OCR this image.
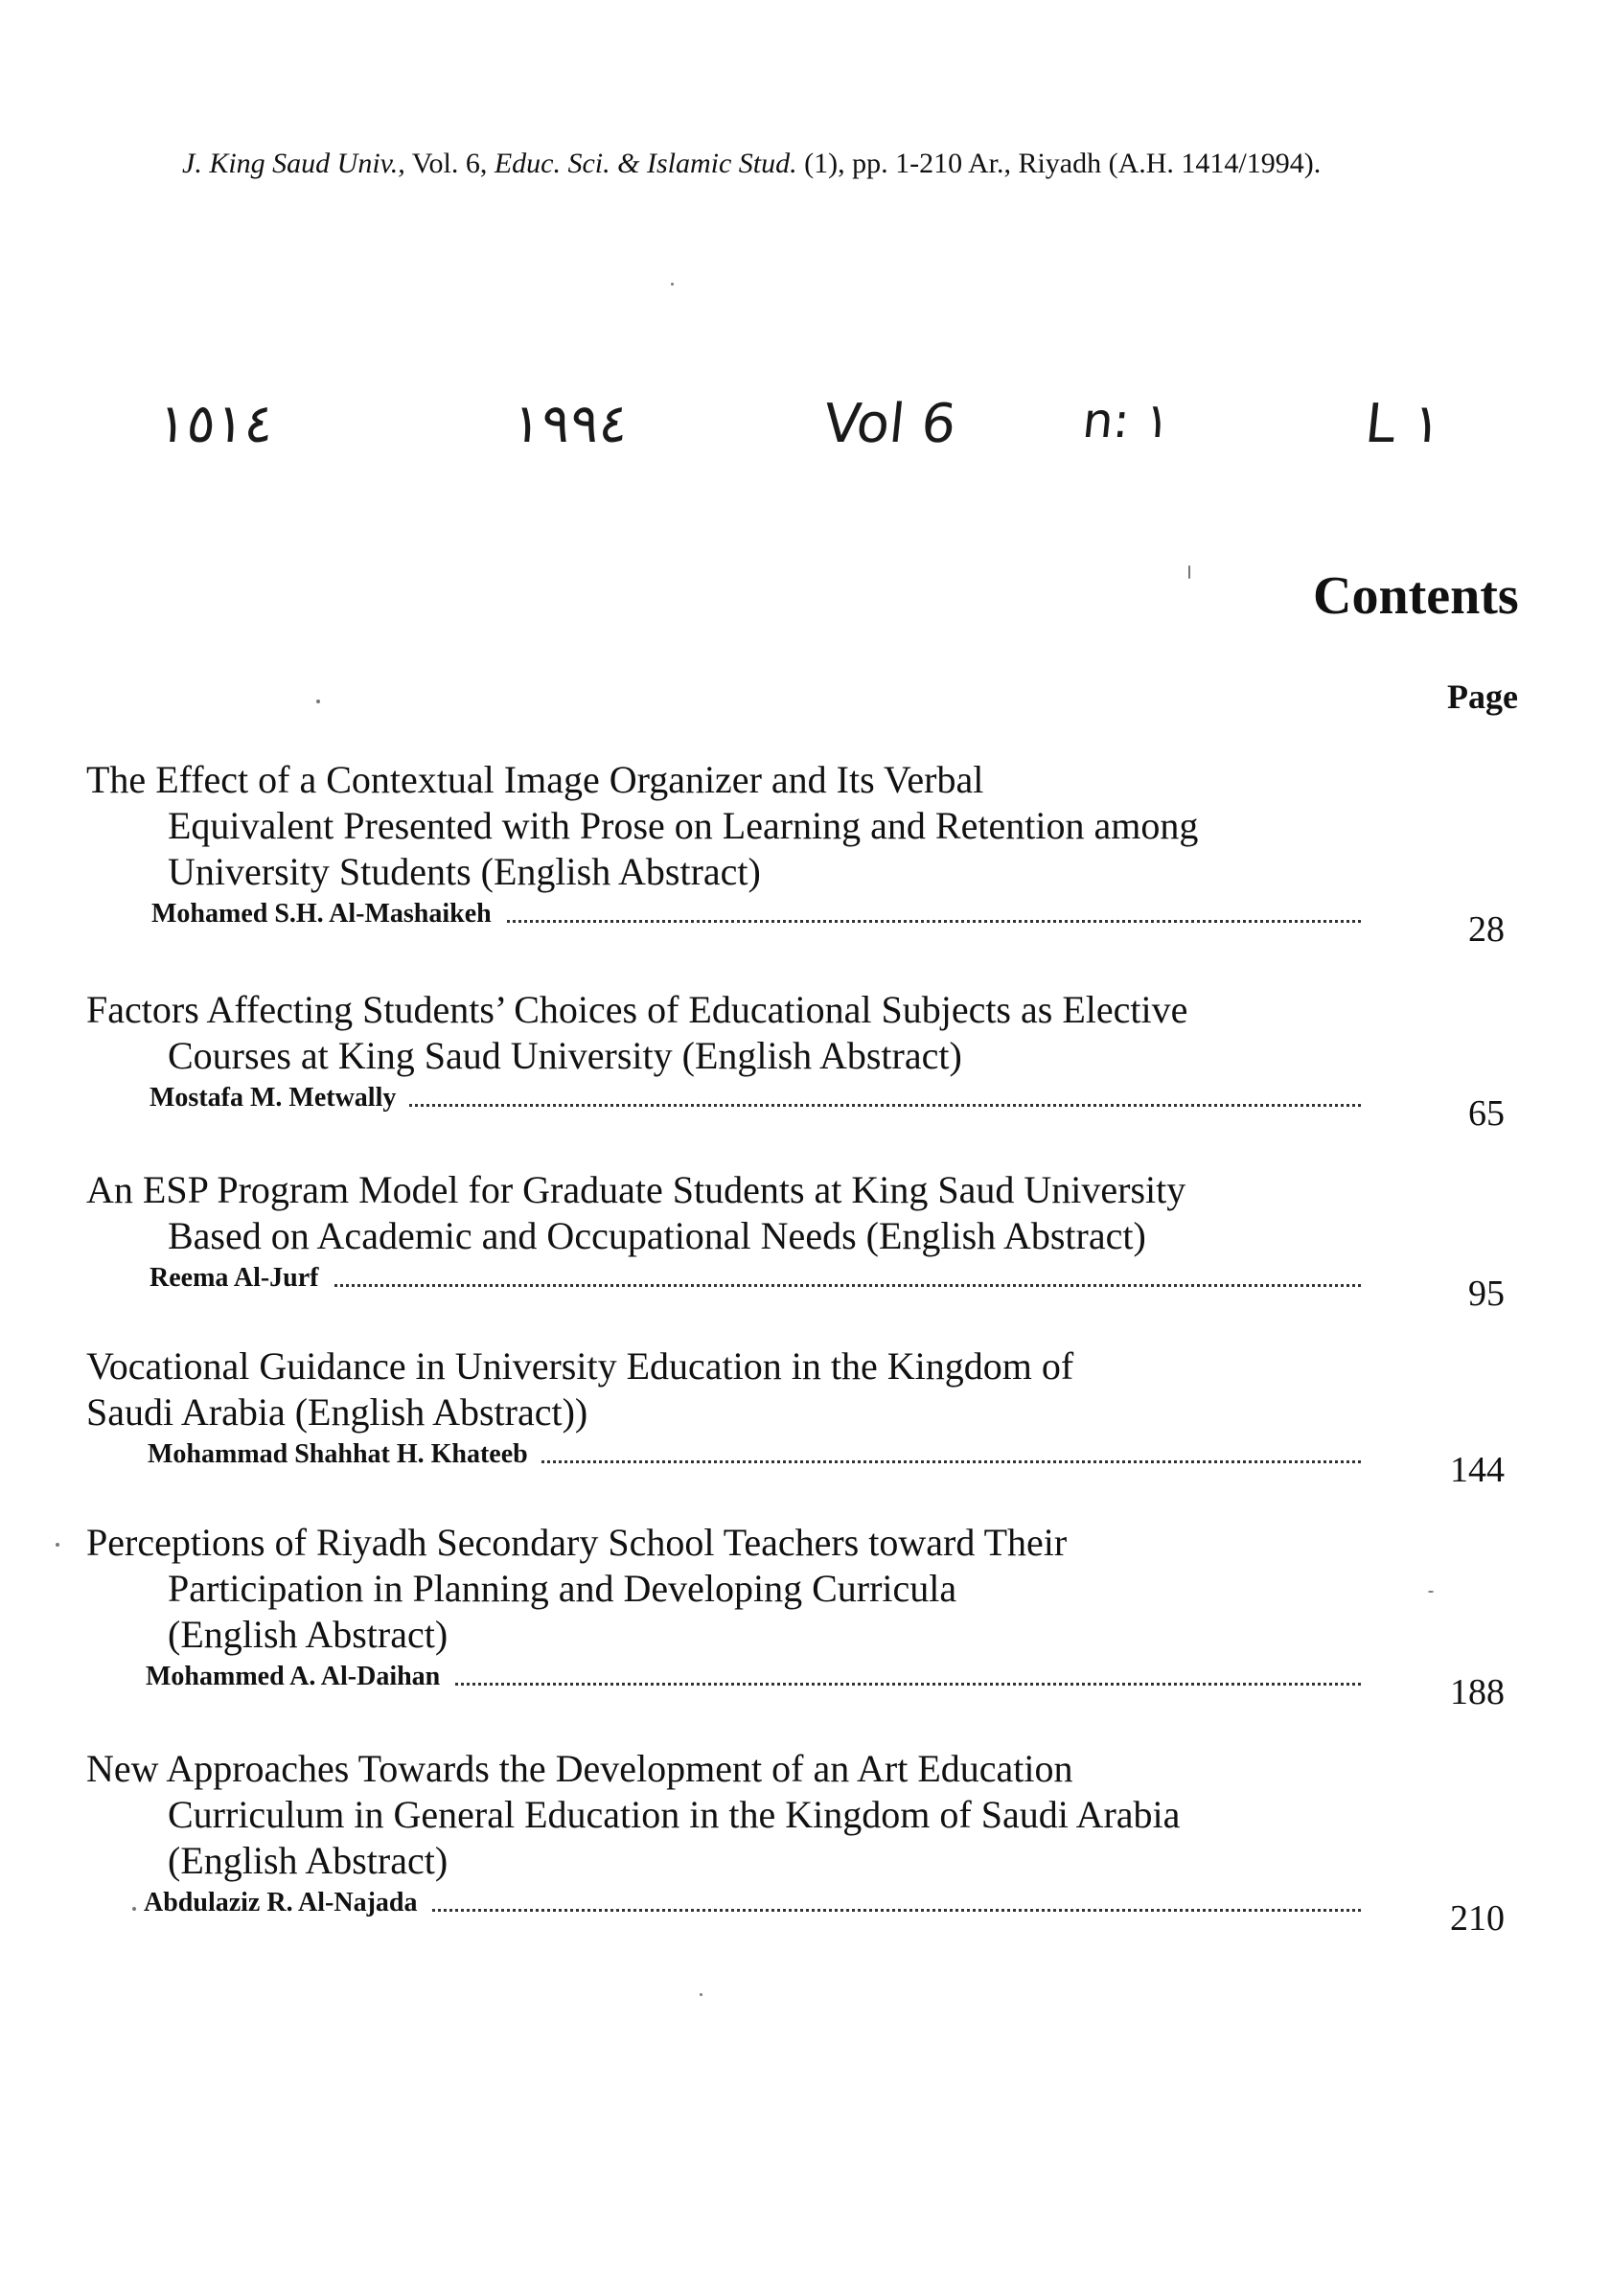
J. King Saud Univ., Vol. 6, Educ. Sci. & Islamic Stud. (1), pp. 1-210 Ar., Riyadh (A.H. 1414/1994).
١٥١٤	١٩٩٤	Vol 6	n: ١	L ١
Contents
Page
The Effect of a Contextual Image Organizer and Its Verbal
Equivalent Presented with Prose on Learning and Retention among
University Students (English Abstract)
Mohamed S.H. Al-Mashaikeh	28
Factors Affecting Students’ Choices of Educational Subjects as Elective
Courses at King Saud University (English Abstract)
Mostafa M. Metwally	65
An ESP Program Model for Graduate Students at King Saud University
Based on Academic and Occupational Needs (English Abstract)
Reema Al-Jurf	95
Vocational Guidance in University Education in the Kingdom of
Saudi Arabia (English Abstract))
Mohammad Shahhat H. Khateeb	144
Perceptions of Riyadh Secondary School Teachers toward Their
Participation in Planning and Developing Curricula
(English Abstract)
Mohammed A. Al-Daihan	188
New Approaches Towards the Development of an Art Education
Curriculum in General Education in the Kingdom of Saudi Arabia
(English Abstract)
Abdulaziz R. Al-Najada	210
